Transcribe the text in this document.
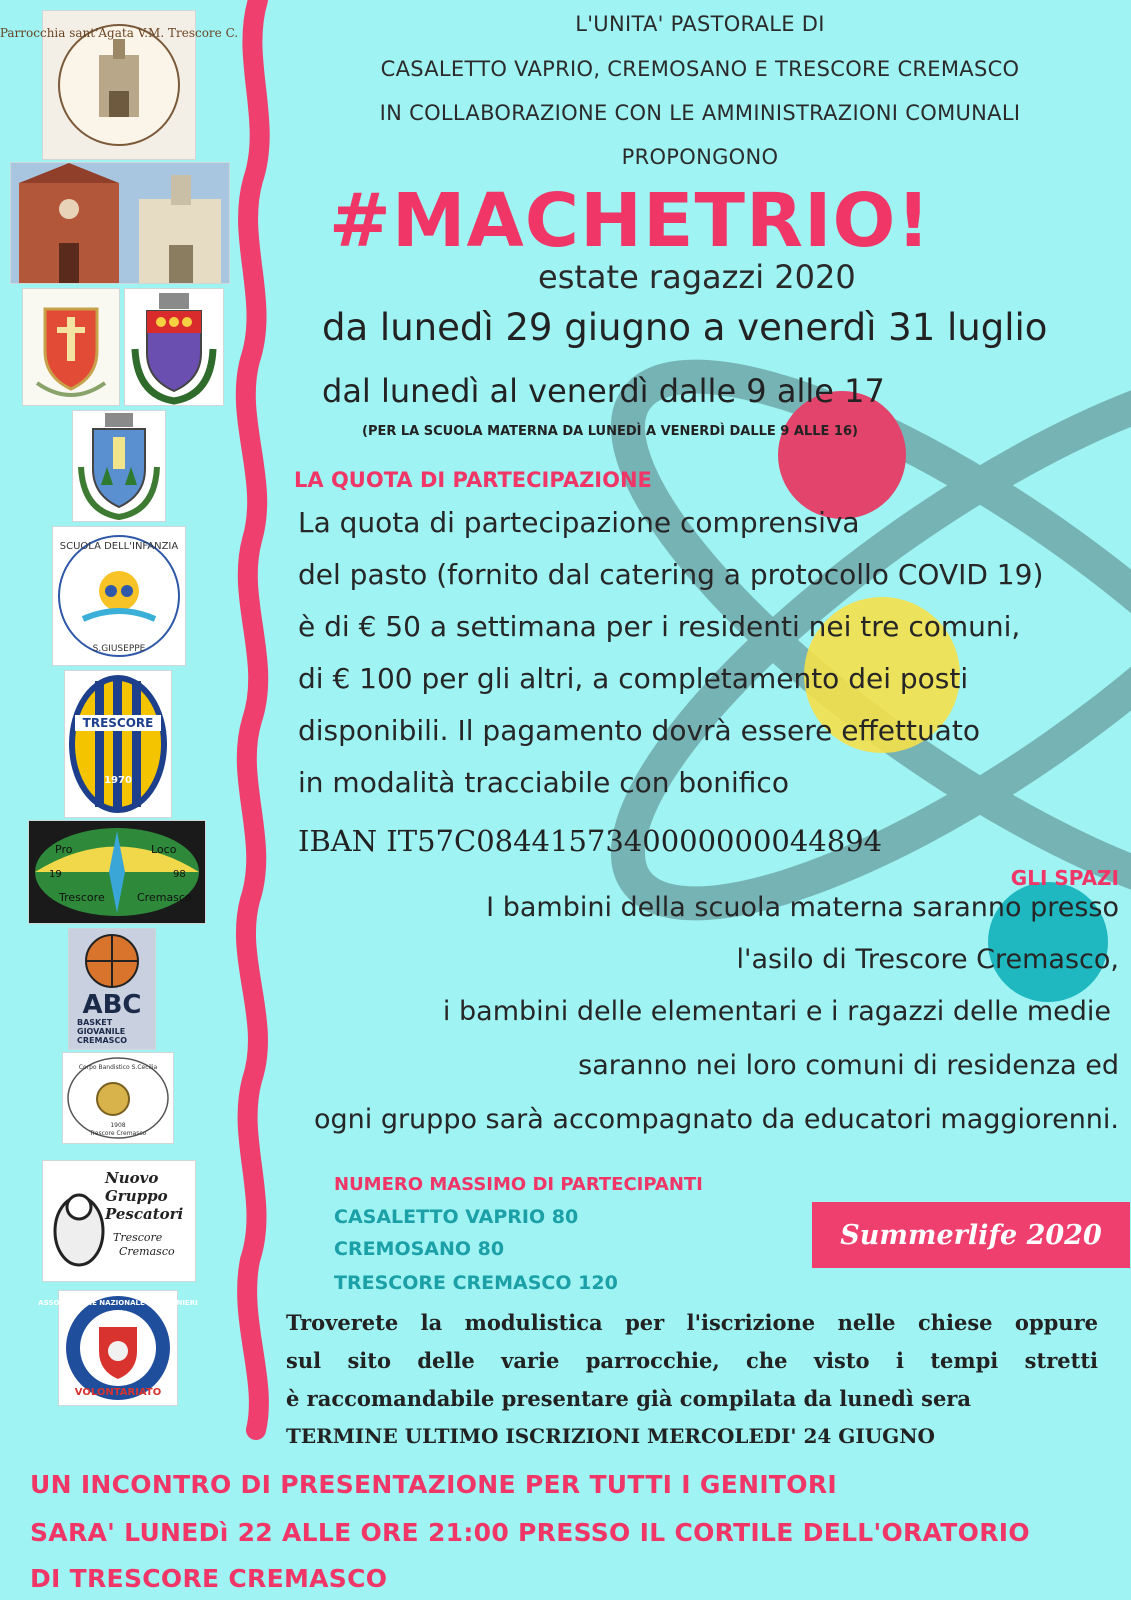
Parrocchia sant'Agata V.M. Trescore C.
SCUOLA DELL'INFANZIA
S.GIUSEPPE
TRESCORE
1970
Pro	Loco
19	98
Trescore	Cremasco
ABC
BASKET
GIOVANILE
CREMASCO
Corpo Bandistico S.Cecilia
1908
Trescore Cremasco
Nuovo
Gruppo
Pescatori
Trescore
Cremasco
ASSOCIAZIONE NAZIONALE CARABINIERI
VOLONTARIATO
L'UNITA' PASTORALE DI
CASALETTO VAPRIO, CREMOSANO E TRESCORE CREMASCO
IN COLLABORAZIONE CON LE AMMINISTRAZIONI COMUNALI
PROPONGONO
#MACHETRIO!
estate ragazzi 2020
da lunedì 29 giugno a venerdì 31 luglio
dal lunedì al venerdì dalle 9 alle 17
(PER LA SCUOLA MATERNA DA LUNEDÌ A VENERDÌ DALLE 9 ALLE 16)
LA QUOTA DI PARTECIPAZIONE
La quota di partecipazione comprensiva
del pasto (fornito dal catering a protocollo COVID 19)
è di € 50 a settimana per i residenti nei tre comuni,
di € 100 per gli altri, a completamento dei posti
disponibili. Il pagamento dovrà essere effettuato
in modalità tracciabile con bonifico
IBAN IT57C0844157340000000044894
GLI SPAZI
I bambini della scuola materna saranno presso
l'asilo di Trescore Cremasco,
i bambini delle elementari e i ragazzi delle medie
saranno nei loro comuni di residenza ed
ogni gruppo sarà accompagnato da educatori maggiorenni.
NUMERO MASSIMO DI PARTECIPANTI
CASALETTO VAPRIO 80
CREMOSANO 80
TRESCORE CREMASCO 120
Summerlife 2020
Troverete la modulistica per l'iscrizione nelle chiese oppure
sul sito delle varie parrocchie, che visto i tempi stretti
è raccomandabile presentare già compilata da lunedì sera
TERMINE ULTIMO ISCRIZIONI MERCOLEDI' 24 GIUGNO
UN INCONTRO DI PRESENTAZIONE PER TUTTI I GENITORI
SARA' LUNEDì 22 ALLE ORE 21:00 PRESSO IL CORTILE DELL'ORATORIO
DI TRESCORE CREMASCO
